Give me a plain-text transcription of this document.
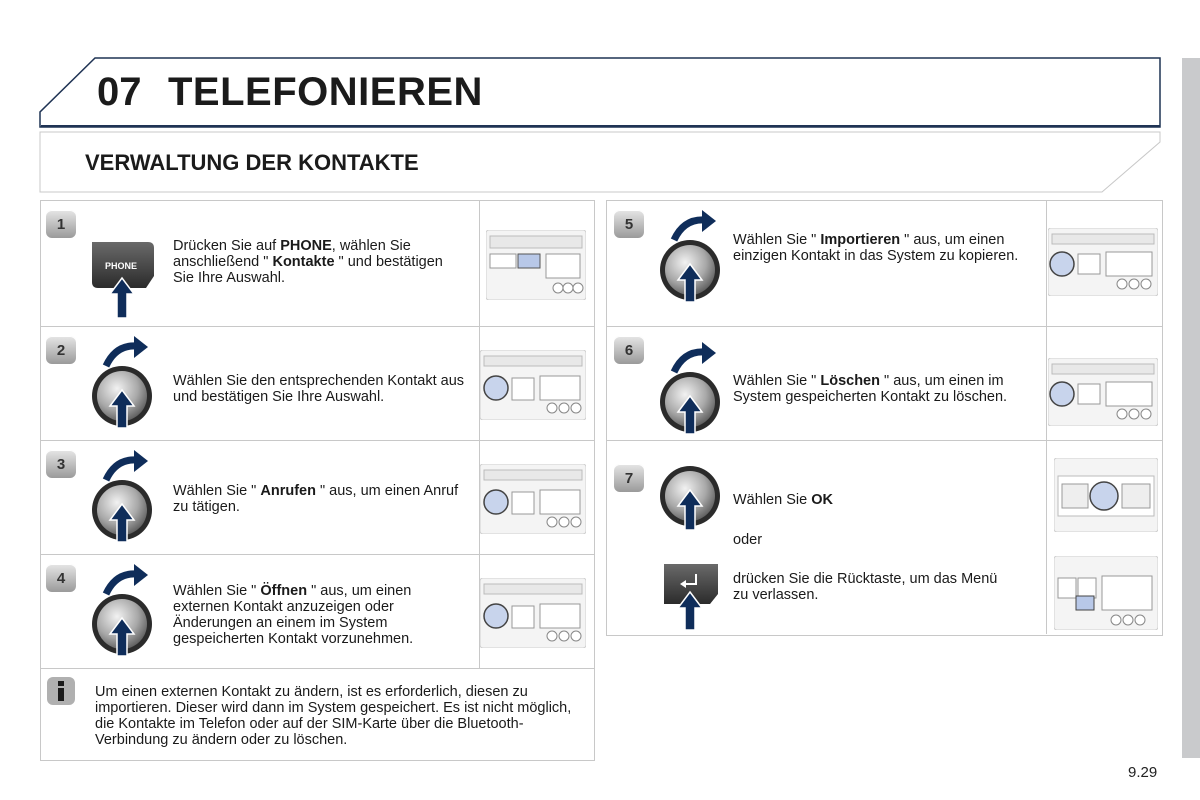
07 TELEFONIEREN
VERWALTUNG DER KONTAKTE
1
PHONE
Drücken Sie auf PHONE, wählen Sie anschließend " Kontakte " und bestätigen Sie Ihre Auswahl.
2
Wählen Sie den entsprechenden Kontakt aus und bestätigen Sie Ihre Auswahl.
3
Wählen Sie " Anrufen " aus, um einen Anruf zu tätigen.
4
Wählen Sie " Öffnen " aus, um einen externen Kontakt anzuzeigen oder Änderungen an einem im System gespeicherten Kontakt vorzunehmen.
Um einen externen Kontakt zu ändern, ist es erforderlich, diesen zu importieren. Dieser wird dann im System gespeichert. Es ist nicht möglich, die Kontakte im Telefon oder auf der SIM-Karte über die Bluetooth-Verbindung zu ändern oder zu löschen.
5
Wählen Sie " Importieren " aus, um einen einzigen Kontakt in das System zu kopieren.
6
Wählen Sie " Löschen " aus, um einen im System gespeicherten Kontakt zu löschen.
7
Wählen Sie OK
oder
drücken Sie die Rücktaste, um das Menü zu verlassen.
9.29
